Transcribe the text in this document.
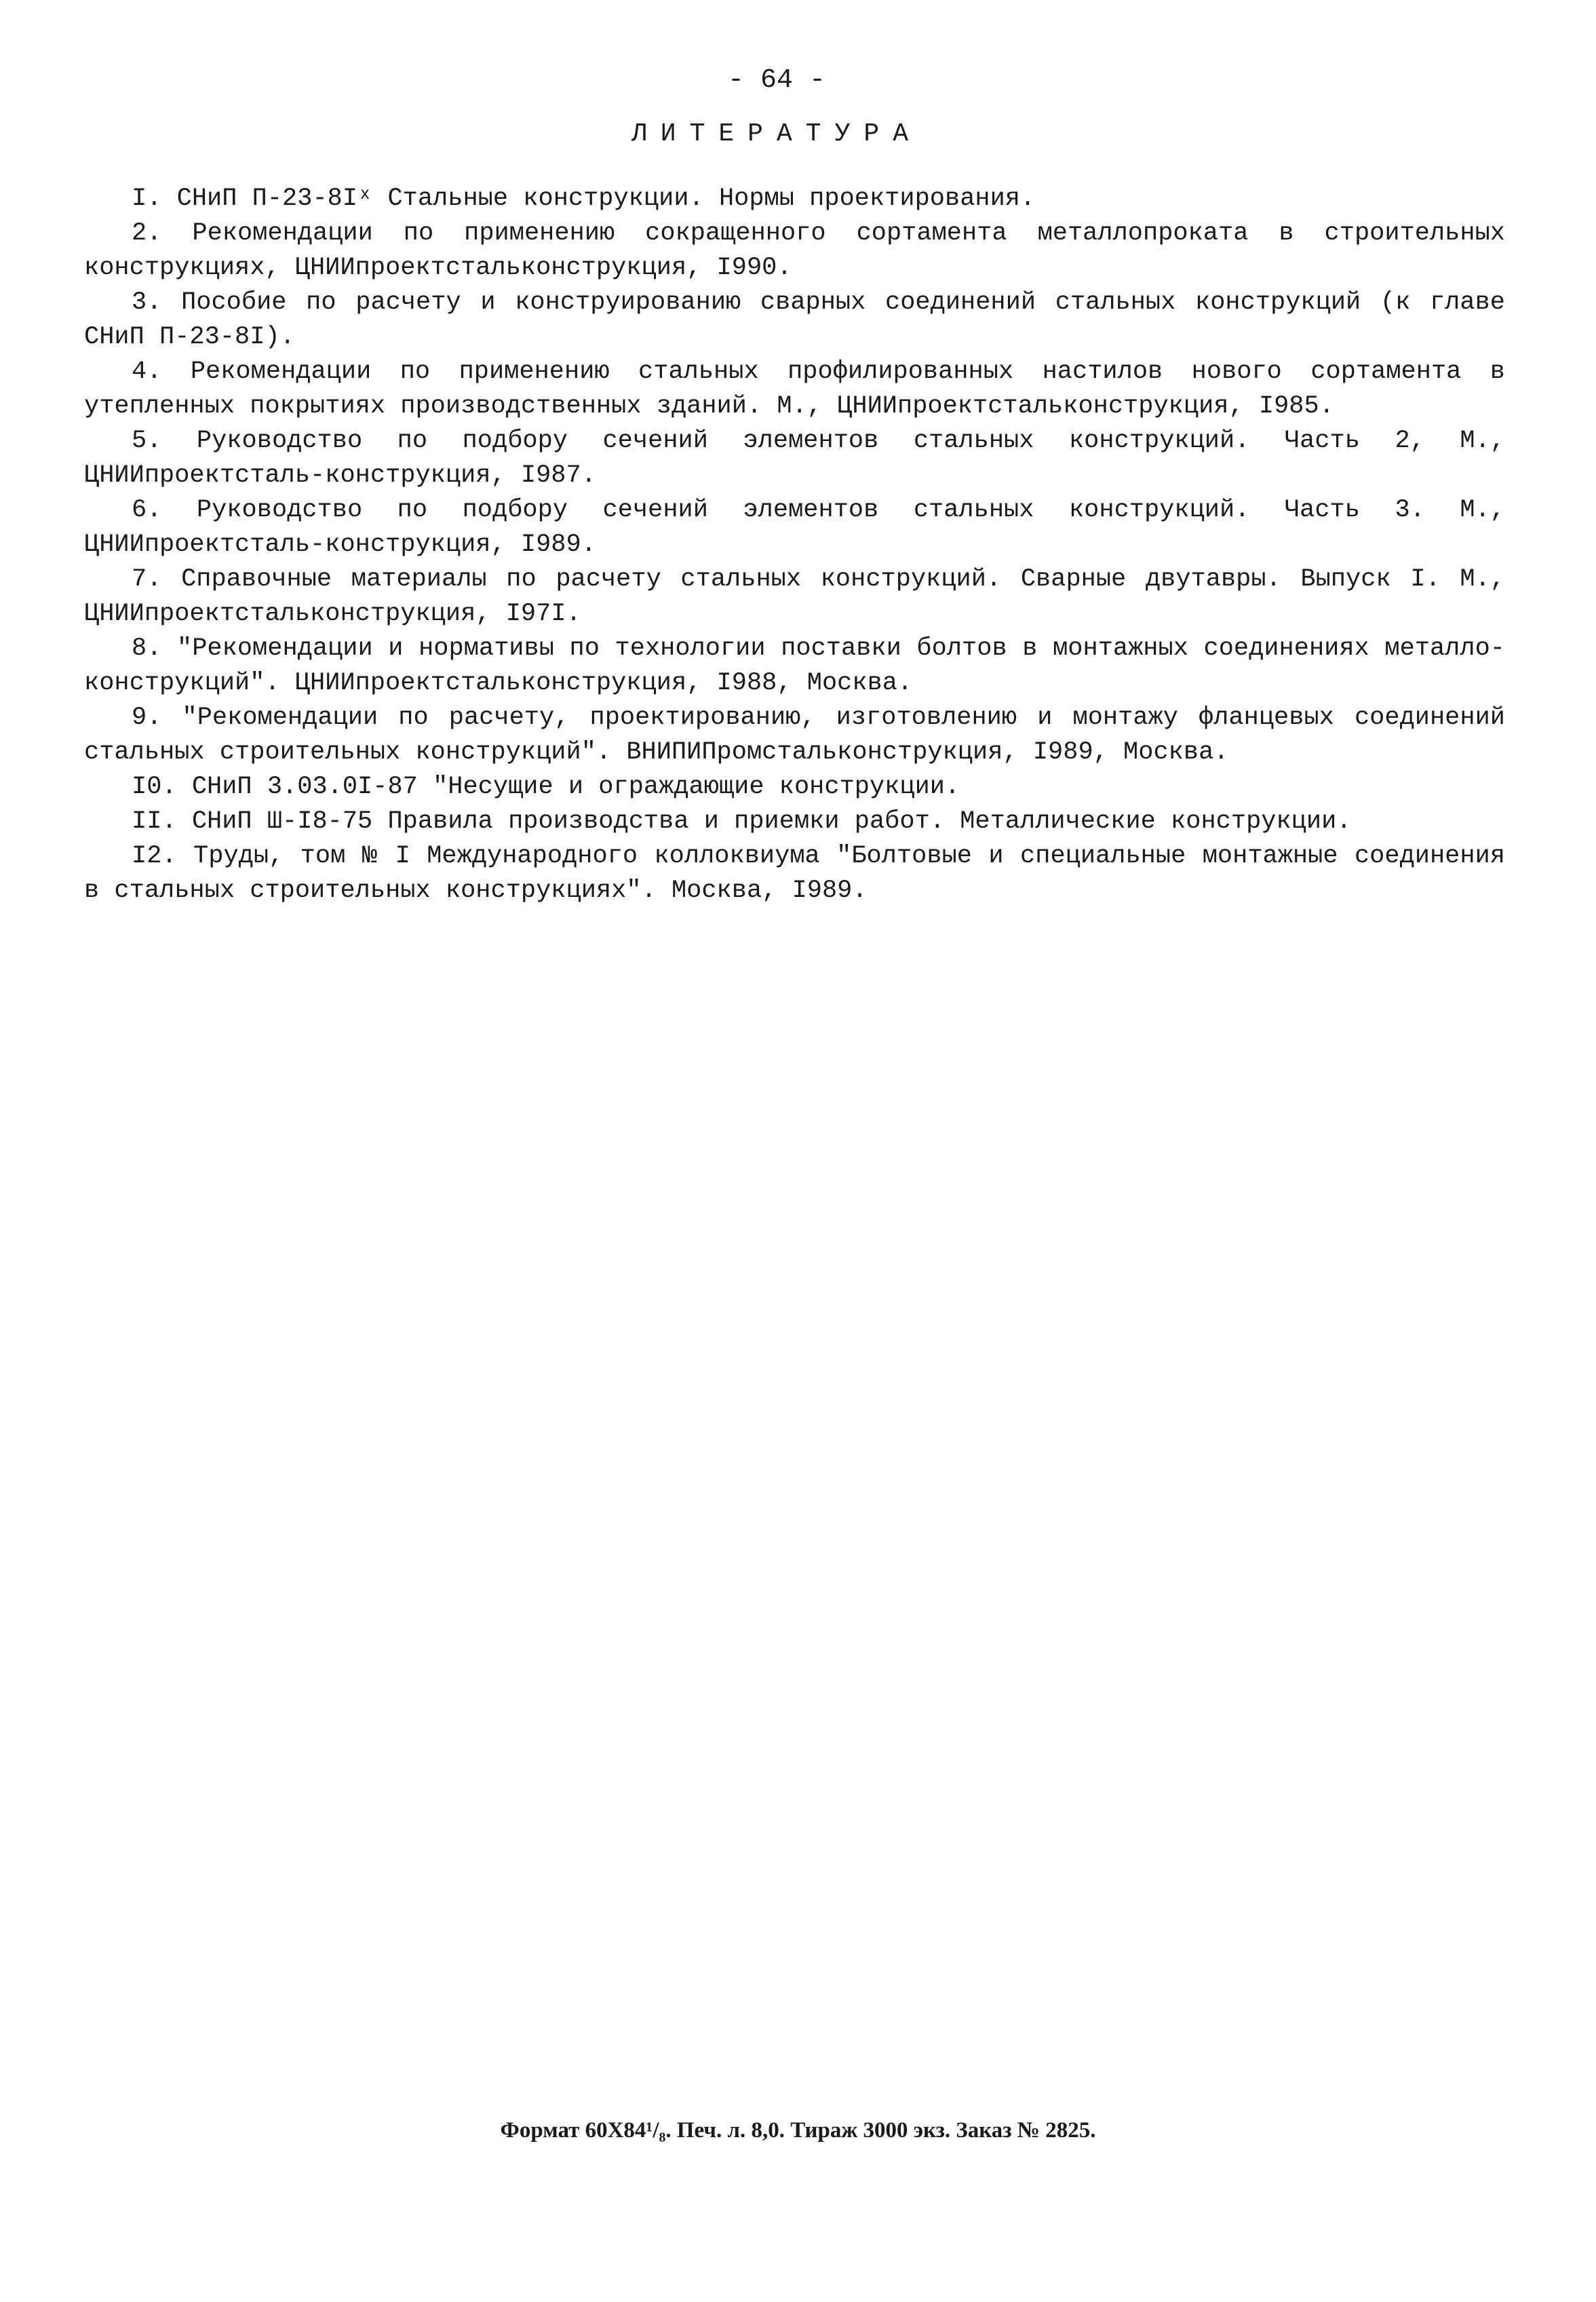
- 64 -
ЛИТЕРАТУРА

I. СНиП П-23-8Iˣ Стальные конструкции. Нормы проектирования.

2. Рекомендации по применению сокращенного сортамента металлопроката в строительных конструкциях, ЦНИИпроектстальконструкция, I990.

3. Пособие по расчету и конструированию сварных соединений стальных конструкций (к главе СНиП П-23-8I).

4. Рекомендации по применению стальных профилированных настилов нового сортамента в утепленных покрытиях производственных зданий. М., ЦНИИпроектстальконструкция, I985.

5. Руководство по подбору сечений элементов стальных конструкций. Часть 2, М., ЦНИИпроектсталь-конструкция, I987.

6. Руководство по подбору сечений элементов стальных конструкций. Часть 3. М., ЦНИИпроектсталь-конструкция, I989.

7. Справочные материалы по расчету стальных конструкций. Сварные двутавры. Выпуск I. М., ЦНИИпроектстальконструкция, I97I.

8. "Рекомендации и нормативы по технологии поставки болтов в монтажных соединениях металло-конструкций". ЦНИИпроектстальконструкция, I988, Москва.

9. "Рекомендации по расчету, проектированию, изготовлению и монтажу фланцевых соединений стальных строительных конструкций". ВНИПИПромстальконструкция, I989, Москва.

I0. СНиП 3.03.0I-87 "Несущие и ограждающие конструкции.

II. СНиП Ш-I8-75 Правила производства и приемки работ. Металлические конструкции.

I2. Труды, том № I Международного коллоквиума "Болтовые и специальные монтажные соединения в стальных строительных конструкциях". Москва, I989.

Формат 60X84¹/₈. Печ. л. 8,0. Тираж 3000 экз. Заказ № 2825.
